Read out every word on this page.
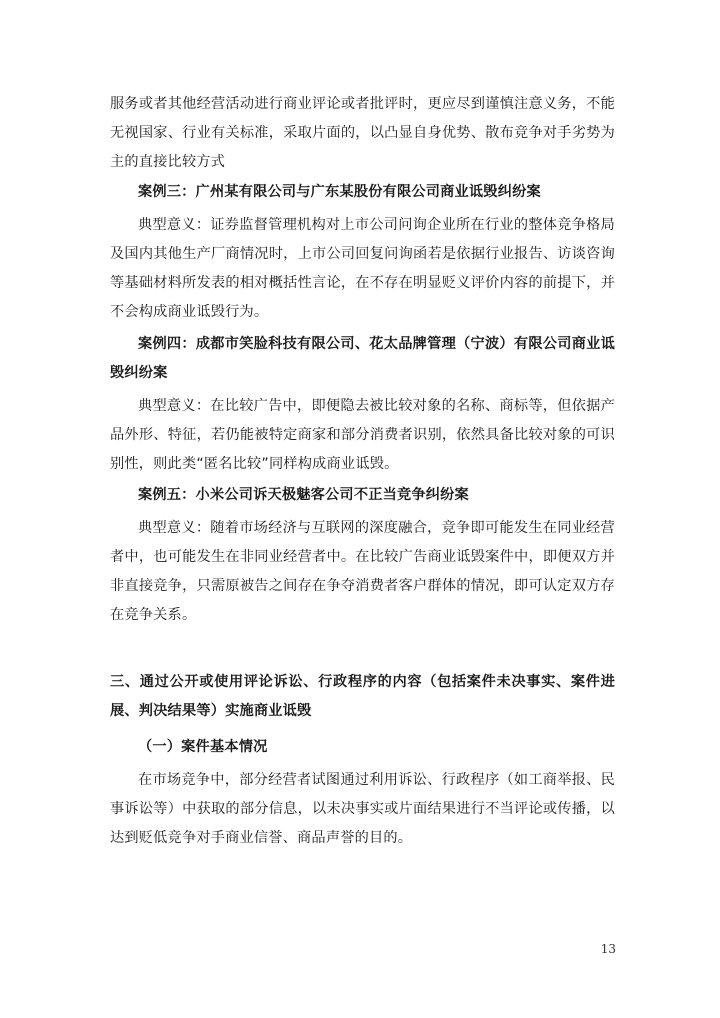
服务或者其他经营活动进行商业评论或者批评时，更应尽到谨慎注意义务，不能无视国家、行业有关标准，采取片面的，以凸显自身优势、散布竞争对手劣势为主的直接比较方式

案例三：广州某有限公司与广东某股份有限公司商业诋毁纠纷案

典型意义：证券监督管理机构对上市公司问询企业所在行业的整体竞争格局及国内其他生产厂商情况时，上市公司回复问询函若是依据行业报告、访谈咨询等基础材料所发表的相对概括性言论，在不存在明显贬义评价内容的前提下，并不会构成商业诋毁行为。

案例四：成都市笑脸科技有限公司、花太品牌管理（宁波）有限公司商业诋毁纠纷案

典型意义：在比较广告中，即便隐去被比较对象的名称、商标等，但依据产品外形、特征，若仍能被特定商家和部分消费者识别，依然具备比较对象的可识别性，则此类“匿名比较”同样构成商业诋毁。

案例五：小米公司诉天极魅客公司不正当竞争纠纷案

典型意义：随着市场经济与互联网的深度融合，竞争即可能发生在同业经营者中，也可能发生在非同业经营者中。在比较广告商业诋毁案件中，即便双方并非直接竞争，只需原被告之间存在争夺消费者客户群体的情况，即可认定双方存在竞争关系。

三、通过公开或使用评论诉讼、行政程序的内容（包括案件未决事实、案件进展、判决结果等）实施商业诋毁

（一）案件基本情况

在市场竞争中，部分经营者试图通过利用诉讼、行政程序（如工商举报、民事诉讼等）中获取的部分信息，以未决事实或片面结果进行不当评论或传播，以达到贬低竞争对手商业信誉、商品声誉的目的。

13
